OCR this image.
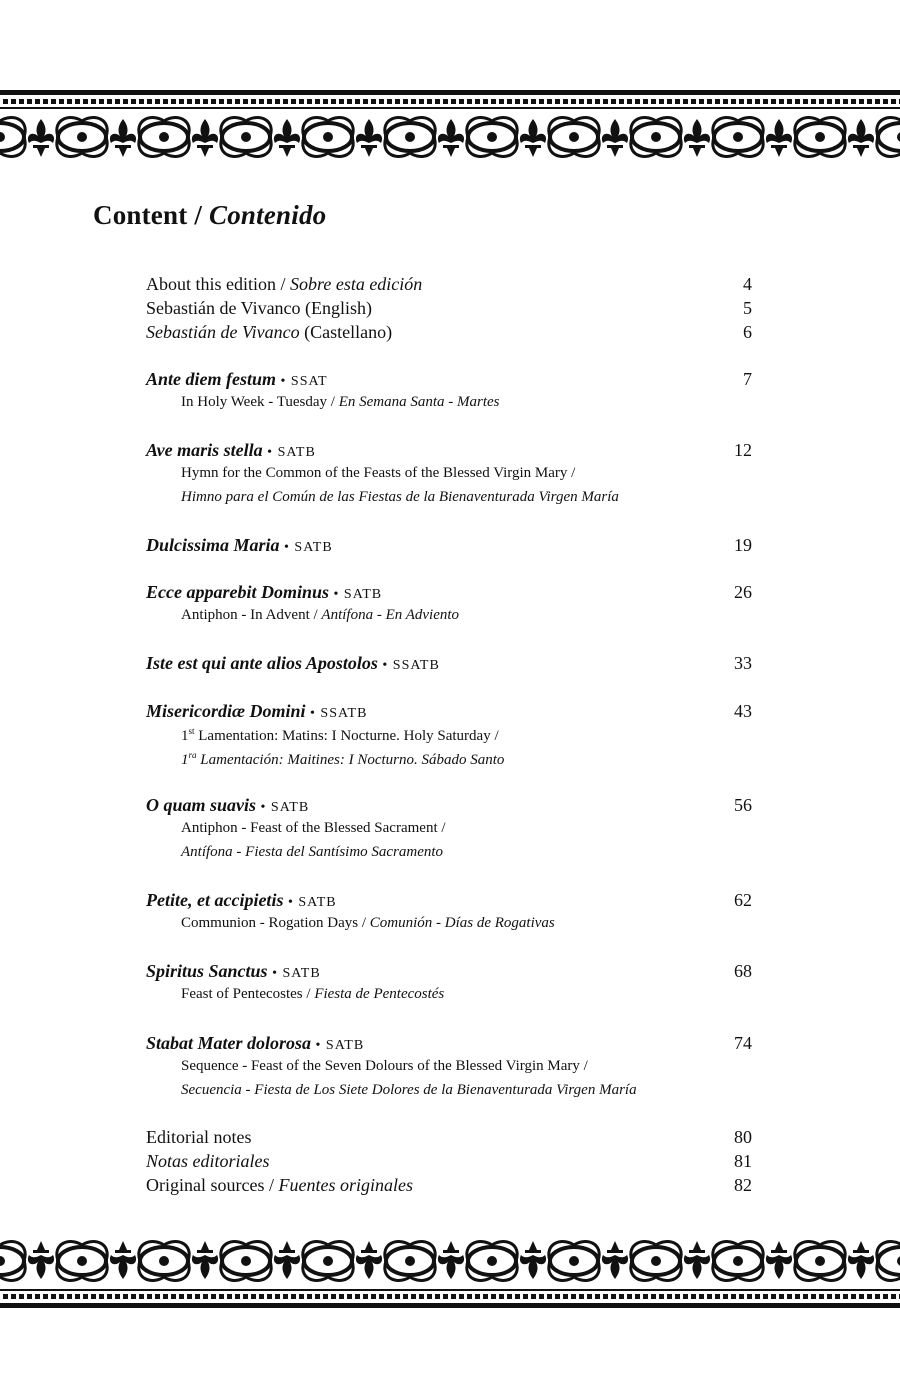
Content / Contenido
About this edition / Sobre esta edición	4
Sebastián de Vivanco (English)	5
Sebastián de Vivanco (Castellano)	6
Ante diem festum • SSAT	7
In Holy Week - Tuesday / En Semana Santa - Martes
Ave maris stella • SATB	12
Hymn for the Common of the Feasts of the Blessed Virgin Mary /
Himno para el Común de las Fiestas de la Bienaventurada Virgen María
Dulcissima Maria • SATB	19
Ecce apparebit Dominus • SATB	26
Antiphon - In Advent / Antífona - En Adviento
Iste est qui ante alios Apostolos • SSATB	33
Misericordiæ Domini • SSATB	43
1st Lamentation: Matins: I Nocturne. Holy Saturday /
$1^{ra}$ Lamentación: Maitines: I Nocturno. Sábado Santo
O quam suavis • SATB	56
Antiphon - Feast of the Blessed Sacrament /
Antífona - Fiesta del Santísimo Sacramento
Petite, et accipietis • SATB	62
Communion - Rogation Days / Comunión - Días de Rogativas
Spiritus Sanctus • SATB	68
Feast of Pentecostes / Fiesta de Pentecostés
Stabat Mater dolorosa • SATB	74
Sequence - Feast of the Seven Dolours of the Blessed Virgin Mary /
Secuencia - Fiesta de Los Siete Dolores de la Bienaventurada Virgen María
Editorial notes	80
Notas editoriales	81
Original sources / Fuentes originales	82
